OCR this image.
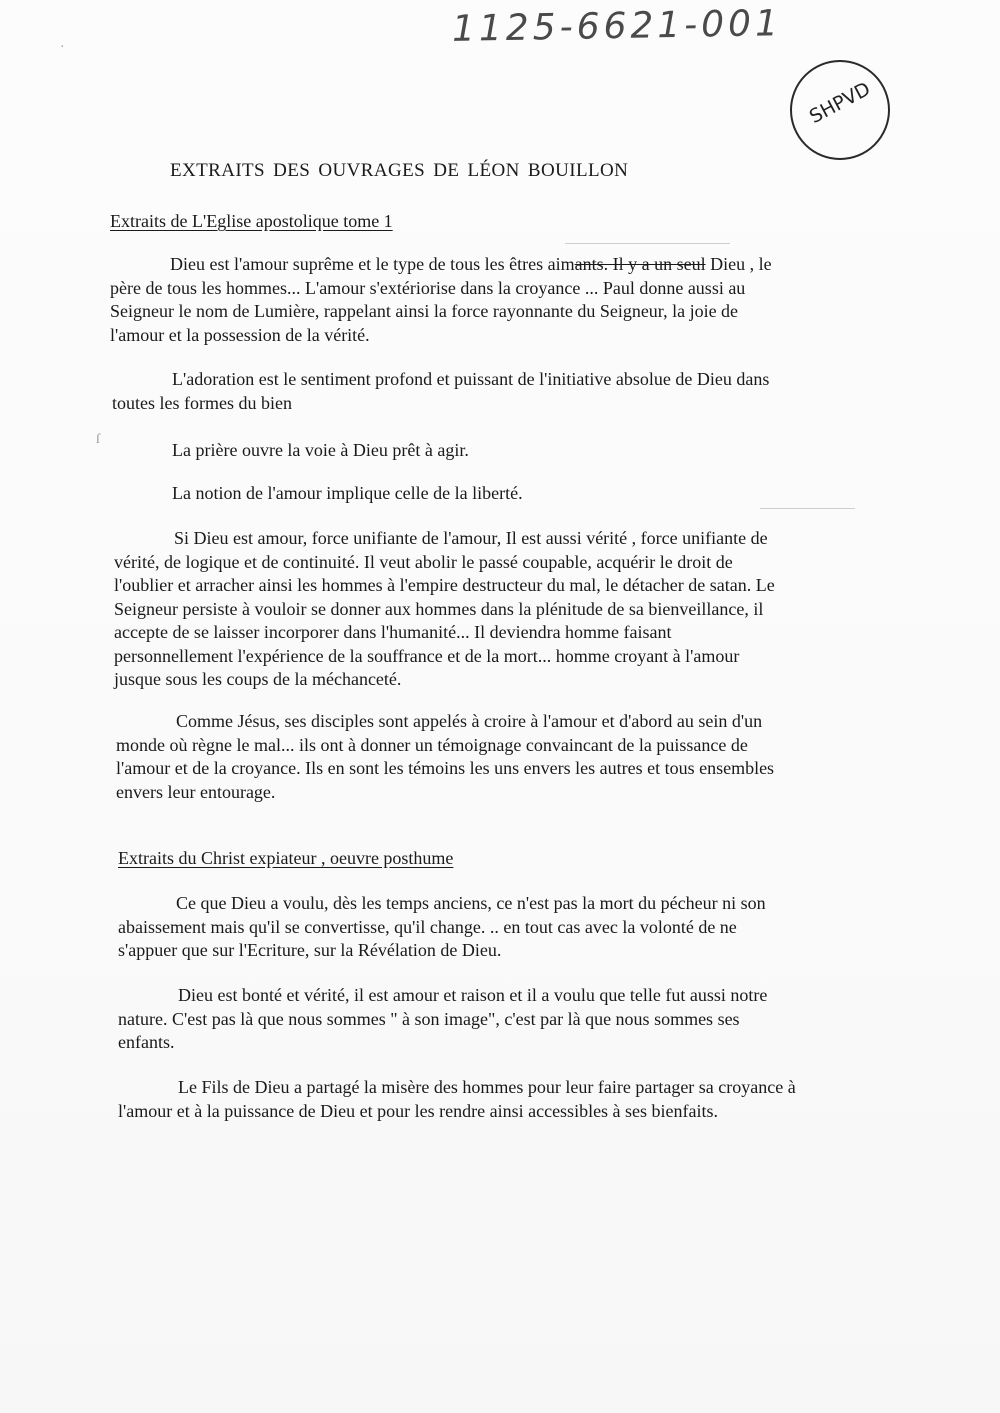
1125-6621-001
SHPVD
·
ſ
EXTRAITS DES OUVRAGES DE LÉON BOUILLON
Extraits de L'Eglise apostolique tome 1
Dieu est l'amour suprême et le type de tous les êtres aimants. Il y a un seul Dieu , le
père de tous les hommes... L'amour s'extériorise dans la croyance ... Paul donne aussi au
Seigneur le nom de Lumière, rappelant ainsi la force rayonnante du Seigneur, la joie de
l'amour et la possession de la vérité.
L'adoration est le sentiment profond et puissant de l'initiative absolue de Dieu dans
toutes les formes du bien
La prière ouvre la voie à Dieu prêt à agir.
La notion de l'amour implique celle de la liberté.
Si Dieu est amour, force unifiante de l'amour, Il est aussi vérité , force unifiante de
vérité, de logique et de continuité. Il veut abolir le passé coupable, acquérir le droit de
l'oublier et arracher ainsi les hommes à l'empire destructeur du mal, le détacher de satan. Le
Seigneur persiste à vouloir se donner aux hommes dans la plénitude de sa bienveillance, il
accepte de se laisser incorporer dans l'humanité... Il deviendra homme faisant
personnellement l'expérience de la souffrance et de la mort... homme croyant à l'amour
jusque sous les coups de la méchanceté.
Comme Jésus, ses disciples sont appelés à croire à l'amour et d'abord au sein d'un
monde où règne le mal... ils ont à donner un témoignage convaincant de la puissance de
l'amour et de la croyance. Ils en sont les témoins les uns envers les autres et tous ensembles
envers leur entourage.
Extraits du Christ expiateur , oeuvre posthume
Ce que Dieu a voulu, dès les temps anciens, ce n'est pas la mort du pécheur ni son
abaissement mais qu'il se convertisse, qu'il change. .. en tout cas avec la volonté de ne
s'appuer que sur l'Ecriture, sur la Révélation de Dieu.
Dieu est bonté et vérité, il est amour et raison et il a voulu que telle fut aussi notre
nature. C'est pas là que nous sommes " à son image", c'est par là que nous sommes ses
enfants.
Le Fils de Dieu a partagé la misère des hommes pour leur faire partager sa croyance à
l'amour et à la puissance de Dieu et pour les rendre ainsi accessibles à ses bienfaits.
